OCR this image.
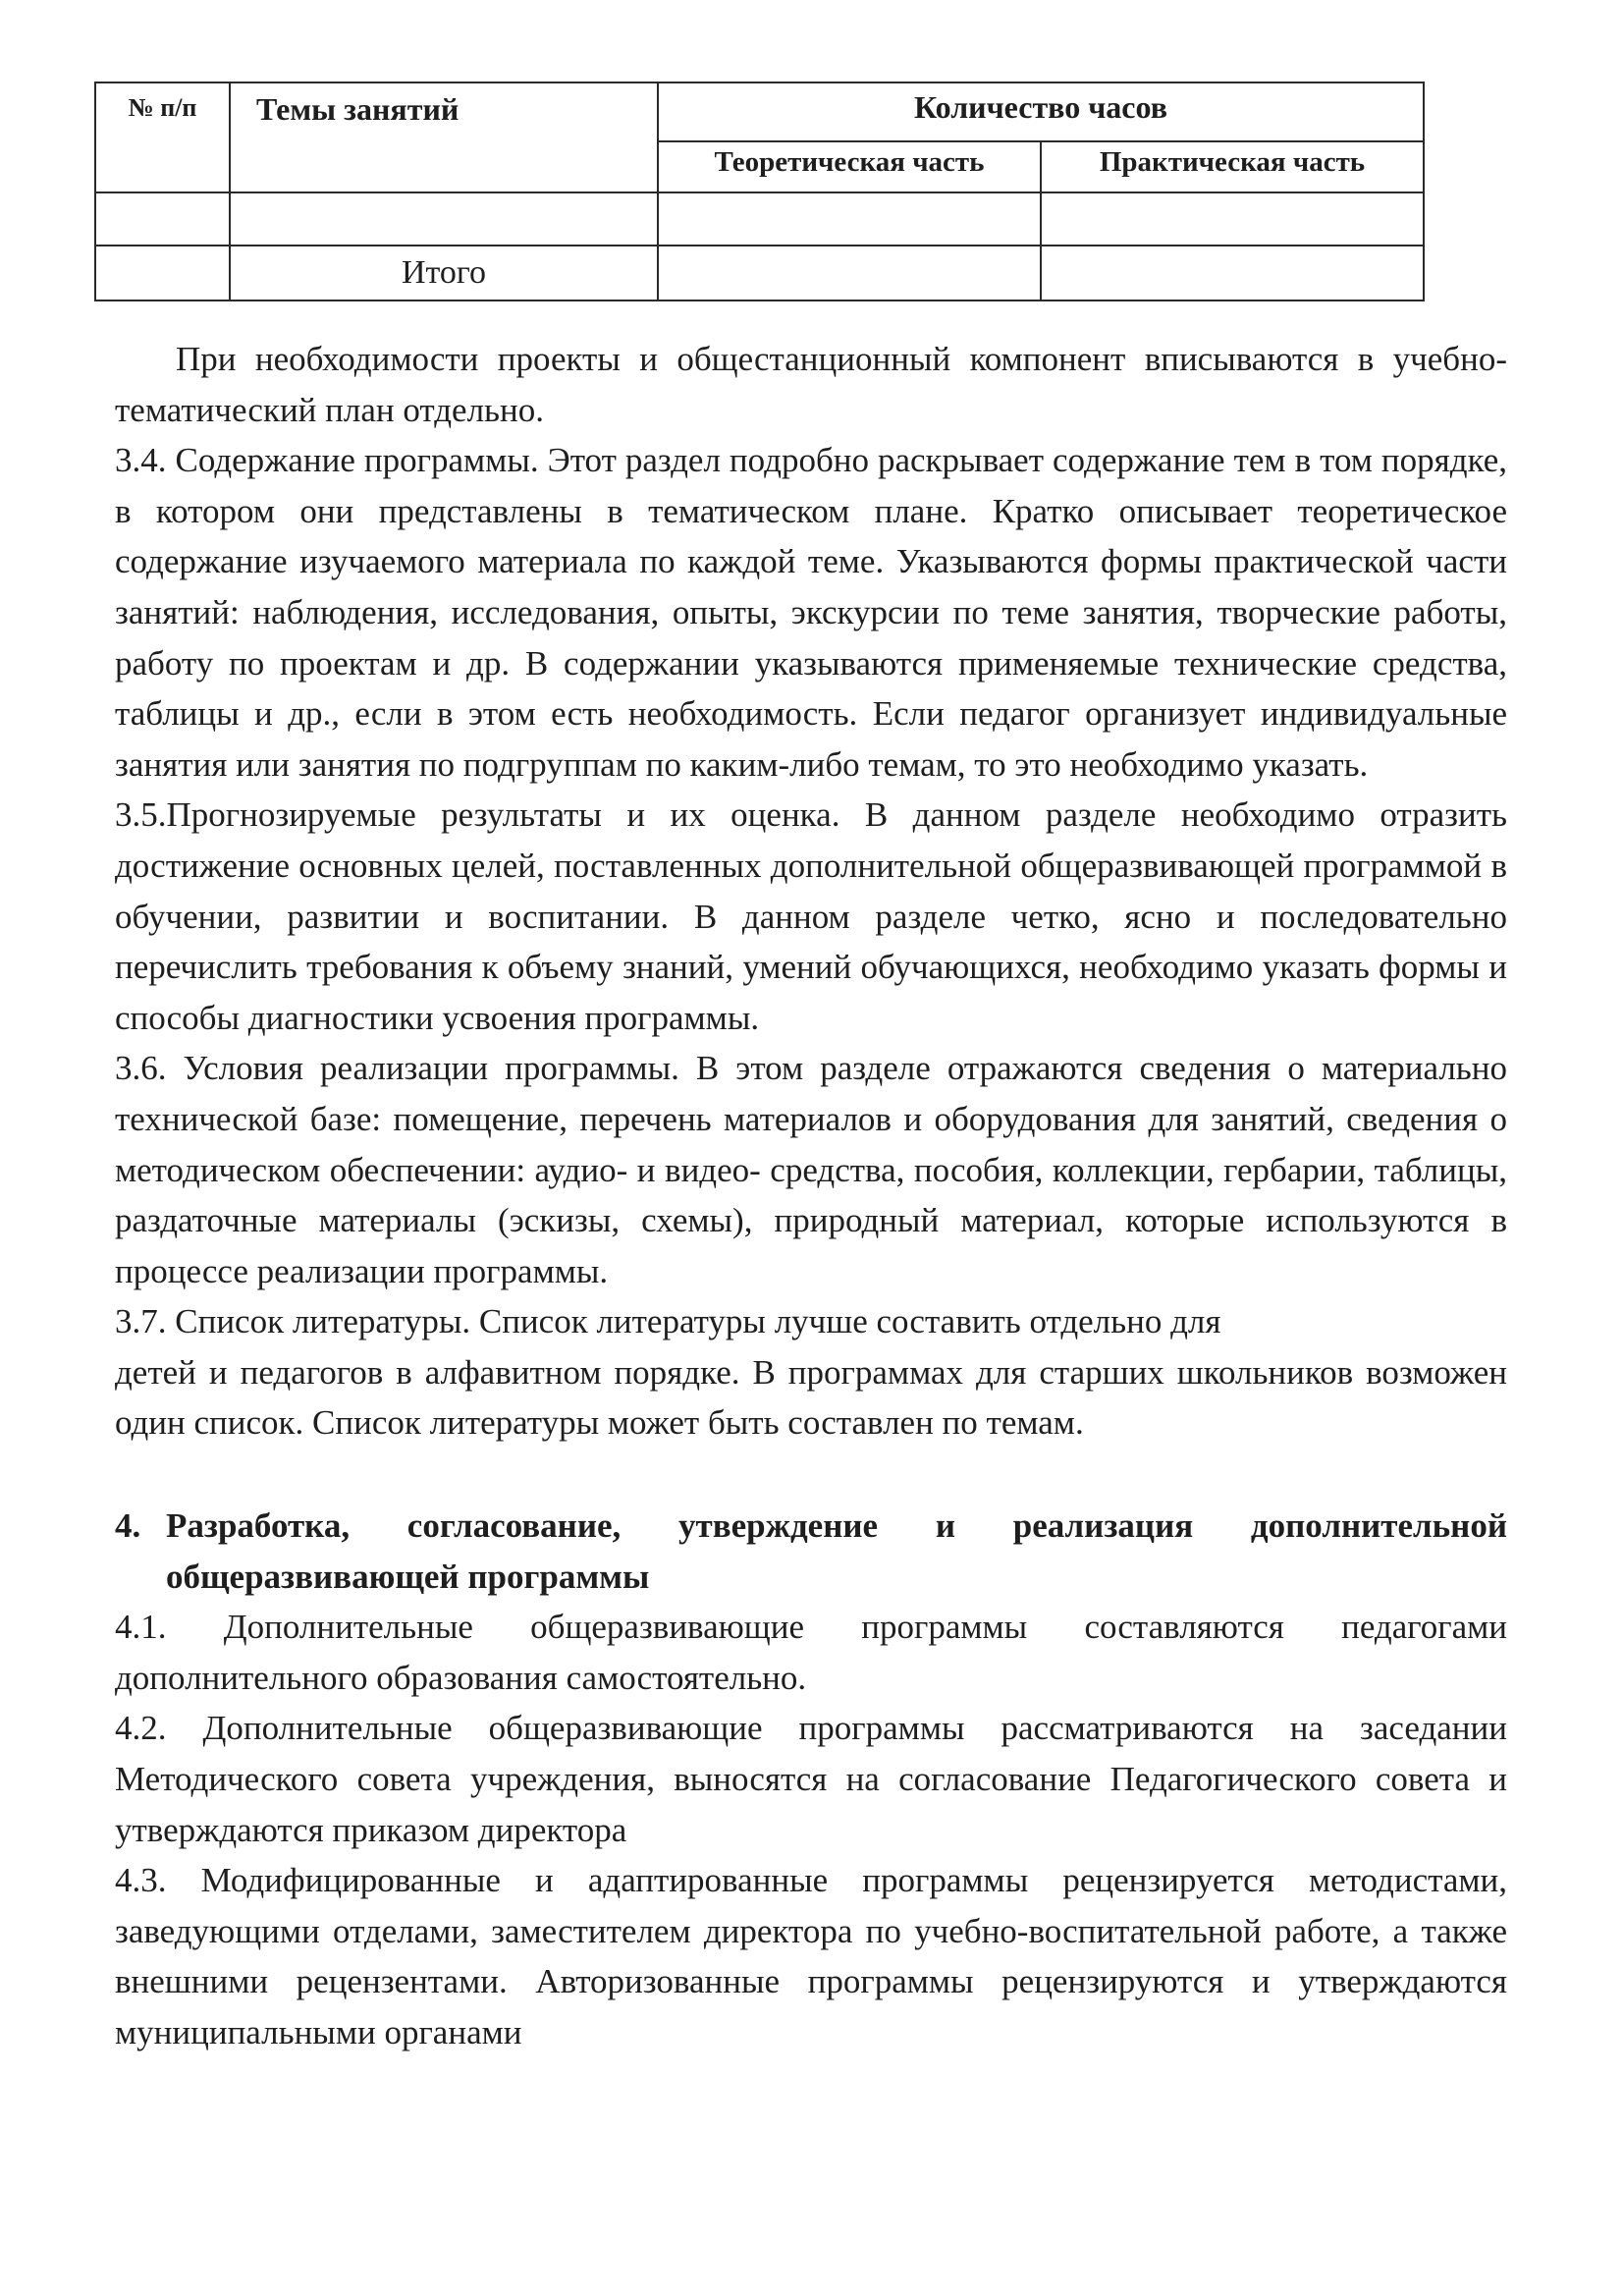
№ п/п	Темы занятий	Количество часов	
		Теоретическая часть	Практическая часть

	Итого		

При необходимости проекты и общестанционный компонент вписываются в учебно-тематический план отдельно.

3.4. Содержание программы. Этот раздел подробно раскрывает содержание тем в том порядке, в котором они представлены в тематическом плане. Кратко описывает теоретическое содержание изучаемого материала по каждой теме. Указываются формы практической части занятий: наблюдения, исследования, опыты, экскурсии по теме занятия, творческие работы, работу по проектам и др. В содержании указываются применяемые технические средства, таблицы и др., если в этом есть необходимость. Если педагог организует индивидуальные занятия или занятия по подгруппам по каким-либо темам, то это необходимо указать.

3.5.Прогнозируемые результаты и их оценка. В данном разделе необходимо отразить достижение основных целей, поставленных дополнительной общеразвивающей программой в обучении, развитии и воспитании. В данном разделе четко, ясно и последовательно перечислить требования к объему знаний, умений обучающихся, необходимо указать формы и способы диагностики усвоения программы.

3.6. Условия реализации программы. В этом разделе отражаются сведения о материально технической базе: помещение, перечень материалов и оборудования для занятий, сведения о методическом обеспечении: аудио- и видео- средства, пособия, коллекции, гербарии, таблицы, раздаточные материалы (эскизы, схемы), природный материал, которые используются в процессе реализации программы.

3.7. Список литературы. Список литературы лучше составить отдельно для

детей и педагогов в алфавитном порядке. В программах для старших школьников возможен один список. Список литературы может быть составлен по темам.

4. Разработка, согласование, утверждение и реализация дополнительной общеразвивающей программы

4.1. Дополнительные общеразвивающие программы составляются педагогами дополнительного образования самостоятельно.

4.2. Дополнительные общеразвивающие программы рассматриваются на заседании Методического совета учреждения, выносятся на согласование Педагогического совета и утверждаются приказом директора

4.3. Модифицированные и адаптированные программы рецензируется методистами, заведующими отделами, заместителем директора по учебно-воспитательной работе, а также внешними рецензентами. Авторизованные программы рецензируются и утверждаются муниципальными органами
